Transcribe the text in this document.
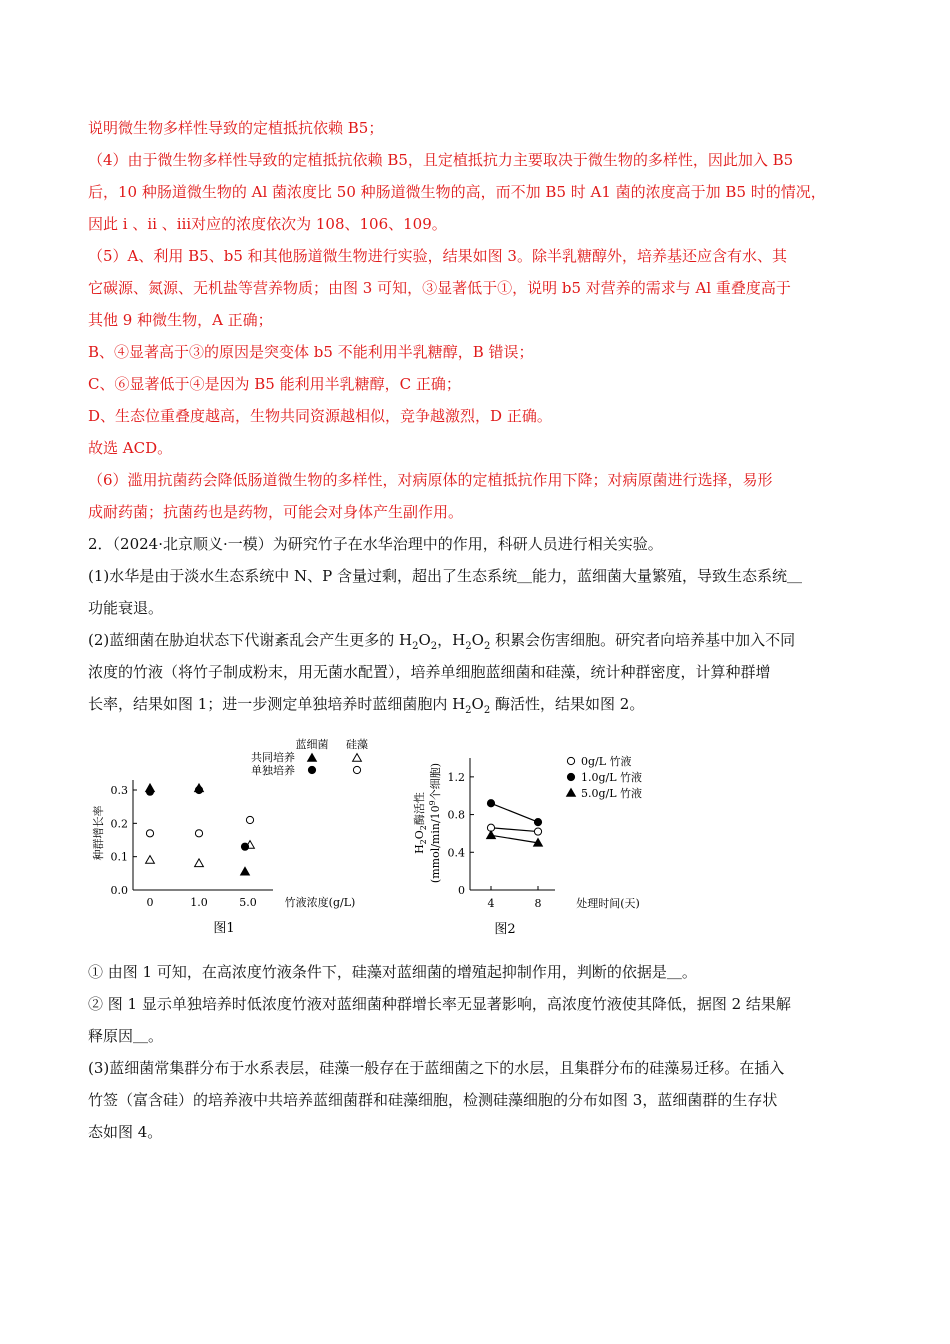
说明微生物多样性导致的定植抵抗依赖 B5；

（4）由于微生物多样性导致的定植抵抗依赖 B5，且定植抵抗力主要取决于微生物的多样性，因此加入 B5

后，10 种肠道微生物的 Al 菌浓度比 50 种肠道微生物的高，而不加 B5 时 A1 菌的浓度高于加 B5 时的情况，

因此 ⅰ 、ⅱ 、ⅲ对应的浓度依次为 108、106、109。

（5）A、利用 B5、b5 和其他肠道微生物进行实验，结果如图 3。除半乳糖醇外，培养基还应含有水、其

它碳源、氮源、无机盐等营养物质；由图 3 可知，③显著低于①，说明 b5 对营养的需求与 Al 重叠度高于

其他 9 种微生物，A 正确；

B、④显著高于③的原因是突变体 b5 不能利用半乳糖醇，B 错误；

C、⑥显著低于④是因为 B5 能利用半乳糖醇，C 正确；

D、生态位重叠度越高，生物共同资源越相似，竞争越激烈，D 正确。

故选 ACD。

（6）滥用抗菌药会降低肠道微生物的多样性，对病原体的定植抵抗作用下降；对病原菌进行选择，易形

成耐药菌；抗菌药也是药物，可能会对身体产生副作用。

2．（2024·北京顺义·一模）为研究竹子在水华治理中的作用，科研人员进行相关实验。

(1)水华是由于淡水生态系统中 N、P 含量过剩，超出了生态系统＿能力，蓝细菌大量繁殖，导致生态系统＿

功能衰退。

(2)蓝细菌在胁迫状态下代谢紊乱会产生更多的 $H_2O_2$，$H_2O_2$ 积累会伤害细胞。研究者向培养基中加入不同

浓度的竹液（将竹子制成粉末，用无菌水配置），培养单细胞蓝细菌和硅藻，统计种群密度，计算种群增

长率，结果如图 1；进一步测定单独培养时蓝细菌胞内 $H_2O_2$ 酶活性，结果如图 2。

蓝细菌 硅藻
共同培养
单独培养
0.0
0.1
0.2
0.3
0	1.0	5.0
种群增长率
竹液浓度(g/L)
图1
0g/L 竹液
1.0g/L 竹液
5.0g/L 竹液
0
0.4
0.8
1.2
4	8
$H_2O_2$酶活性 ($mmol/\min/10^9$个细胞)
处理时间(天)
图2

① 由图 1 可知，在高浓度竹液条件下，硅藻对蓝细菌的增殖起抑制作用，判断的依据是＿。

② 图 1 显示单独培养时低浓度竹液对蓝细菌种群增长率无显著影响，高浓度竹液使其降低，据图 2 结果解

释原因＿。

(3)蓝细菌常集群分布于水系表层，硅藻一般存在于蓝细菌之下的水层，且集群分布的硅藻易迁移。在插入

竹签（富含硅）的培养液中共培养蓝细菌群和硅藻细胞，检测硅藻细胞的分布如图 3，蓝细菌群的生存状

态如图 4。
